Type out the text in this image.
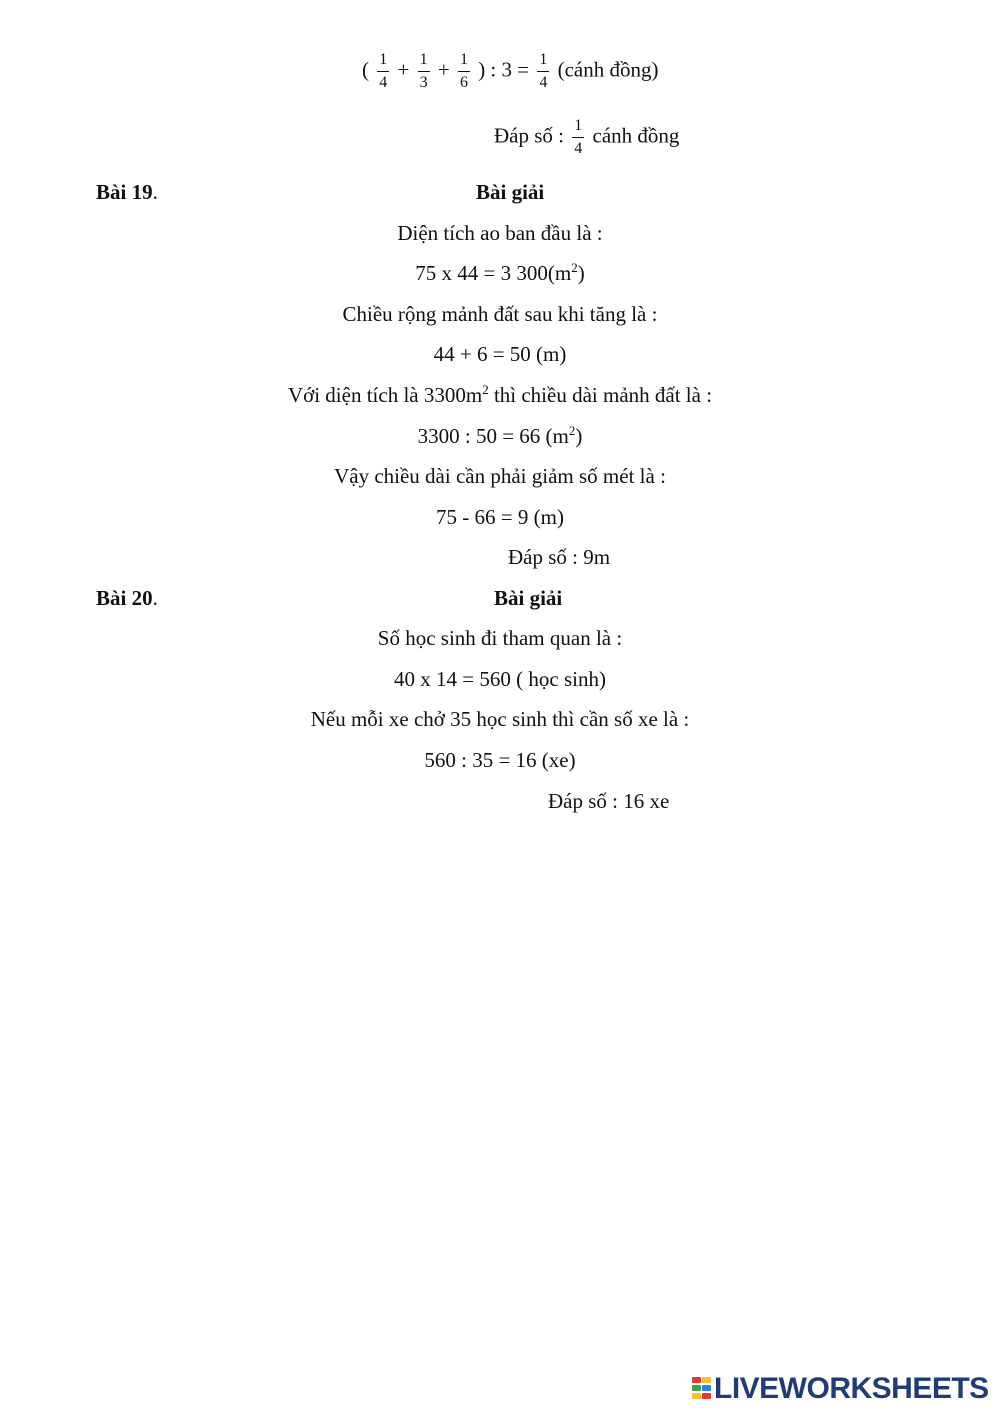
( $\frac{1}{4} + \frac{1}{3} + \frac{1}{6}$ ) : $3 = \frac{1}{4}$ (cánh đồng)
Đáp số : $\frac{1}{4}$ cánh đồng
Bài 19.	Bài giải
Diện tích ao ban đầu là :
75 x 44 = 3 $300(m^2)$
Chiều rộng mảnh đất sau khi tăng là :
44 + 6 = 50 (m)
Với diện tích là $3300m^2$ thì chiều dài mảnh đất là :
3300 : 50 = 66 $(m^2)$
Vậy chiều dài cần phải giảm số mét là :
75 - 66 = 9 (m)
Đáp số : 9m
Bài 20.	Bài giải
Số học sinh đi tham quan là :
40 x 14 = 560 ( học sinh)
Nếu mỗi xe chở 35 học sinh thì cần số xe là :
560 : 35 = 16 (xe)
Đáp số : 16 xe
LIVEWORKSHEETS
